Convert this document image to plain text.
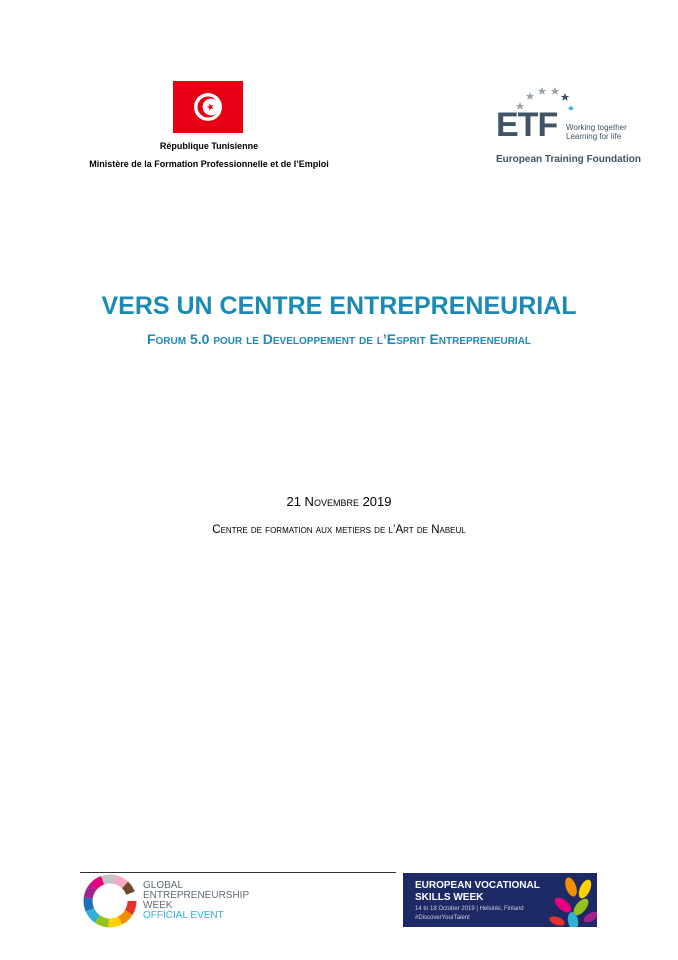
République Tunisienne
Ministère de la Formation Professionnelle et de l’Emploi
ETF Working together
Learning for life
European Training Foundation
VERS UN CENTRE ENTREPRENEURIAL
Forum 5.0 pour le Developpement de l’Esprit Entrepreneurial
21 Novembre 2019
Centre de formation aux metiers de l’Art de Nabeul
GLOBAL
ENTREPRENEURSHIP
WEEK
OFFICIAL EVENT
EUROPEAN VOCATIONAL
SKILLS WEEK
14 to 18 October 2019 | Helsinki, Finland
#DiscoverYourTalent
